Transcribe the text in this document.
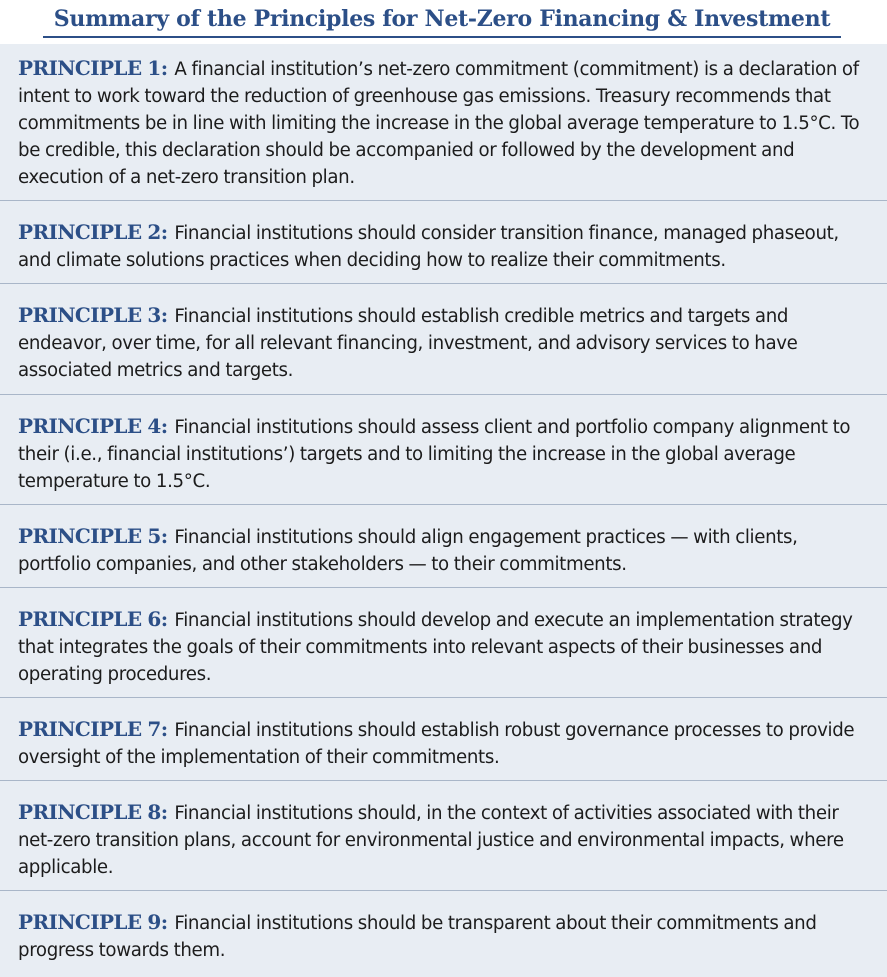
Summary of the Principles for Net-Zero Financing & Investment

PRINCIPLE 1: A financial institution’s net-zero commitment (commitment) is a declaration of intent to work toward the reduction of greenhouse gas emissions. Treasury recommends that commitments be in line with limiting the increase in the global average temperature to 1.5°C. To be credible, this declaration should be accompanied or followed by the development and execution of a net-zero transition plan.

PRINCIPLE 2: Financial institutions should consider transition finance, managed phaseout, and climate solutions practices when deciding how to realize their commitments.

PRINCIPLE 3: Financial institutions should establish credible metrics and targets and endeavor, over time, for all relevant financing, investment, and advisory services to have associated metrics and targets.

PRINCIPLE 4: Financial institutions should assess client and portfolio company alignment to their (i.e., financial institutions’) targets and to limiting the increase in the global average temperature to 1.5°C.

PRINCIPLE 5: Financial institutions should align engagement practices — with clients, portfolio companies, and other stakeholders — to their commitments.

PRINCIPLE 6: Financial institutions should develop and execute an implementation strategy that integrates the goals of their commitments into relevant aspects of their businesses and operating procedures.

PRINCIPLE 7: Financial institutions should establish robust governance processes to provide oversight of the implementation of their commitments.

PRINCIPLE 8: Financial institutions should, in the context of activities associated with their net-zero transition plans, account for environmental justice and environmental impacts, where applicable.

PRINCIPLE 9: Financial institutions should be transparent about their commitments and progress towards them.
